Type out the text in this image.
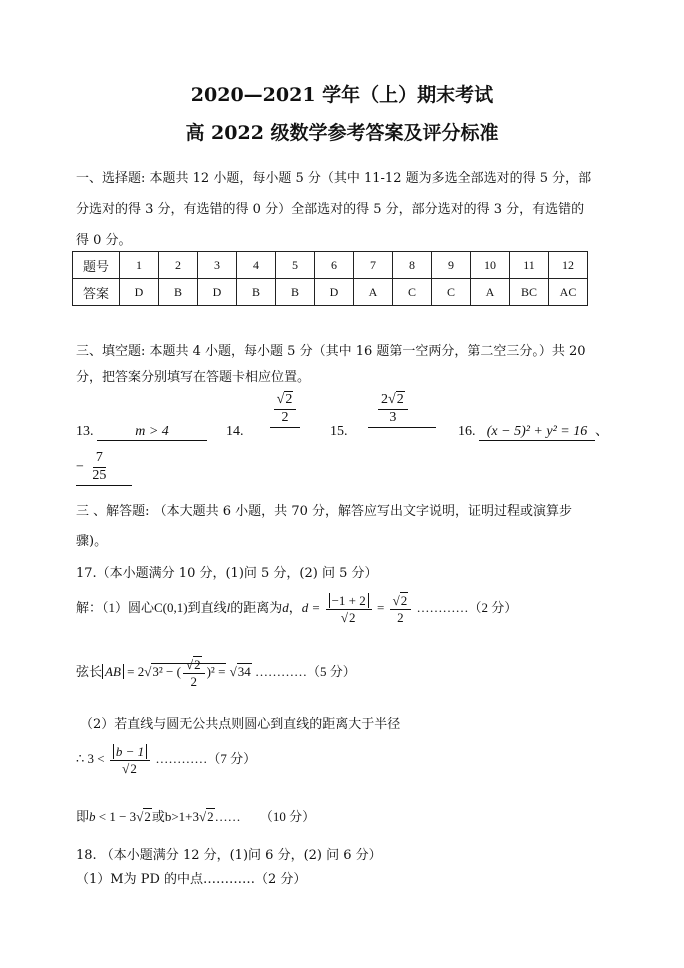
2020—2021 学年（上）期末考试
高 2022 级数学参考答案及评分标准
一、选择题: 本题共 12 小题，每小题 5 分（其中 11-12 题为多选全部选对的得 5 分，部
分选对的得 3 分，有选错的得 0 分）全部选对的得 5 分，部分选对的得 3 分，有选错的
得 0 分。
题号	1	2	3	4	5	6	7	8	9	10	11	12
答案	D	B	D	B	B	D	A	C	C	A	BC	AC
三、填空题: 本题共 4 小题，每小题 5 分（其中 16 题第一空两分，第二空三分。）共 20
分，把答案分别填写在答题卡相应位置。
13.	m > 4	14.
$\frac{√2}{2}$
15.
$\frac{2√2}{3}$
16. (x − 5)² + y² = 16 、
− $\frac{7}{25}$
三 、解答题: （本大题共 6 小题，共 70 分，解答应写出文字说明，证明过程或演算步
骤)。
17.（本小题满分 10 分，(1)问 5 分，(2) 问 5 分）
解：（1）圆心C(0,1)到直线l的距离为d，$d = \frac{-1 + 2}{√2} = \frac{√2}{2}$ …………（2 分）
弦长 AB = 2√3² − ( $\frac{√2}{2} )^2 = √34$ …………（5 分）
（2）若直线与圆无公共点则圆心到直线的距离大于半径
∴ $3 < \frac{b - 1}{√2}$ …………（7 分）
即b < 1 − 3√2或b>1+3√2…… （10 分）
18. （本小题满分 12 分，(1)问 6 分，(2) 问 6 分）
（1）M为 PD 的中点…………（2 分）
